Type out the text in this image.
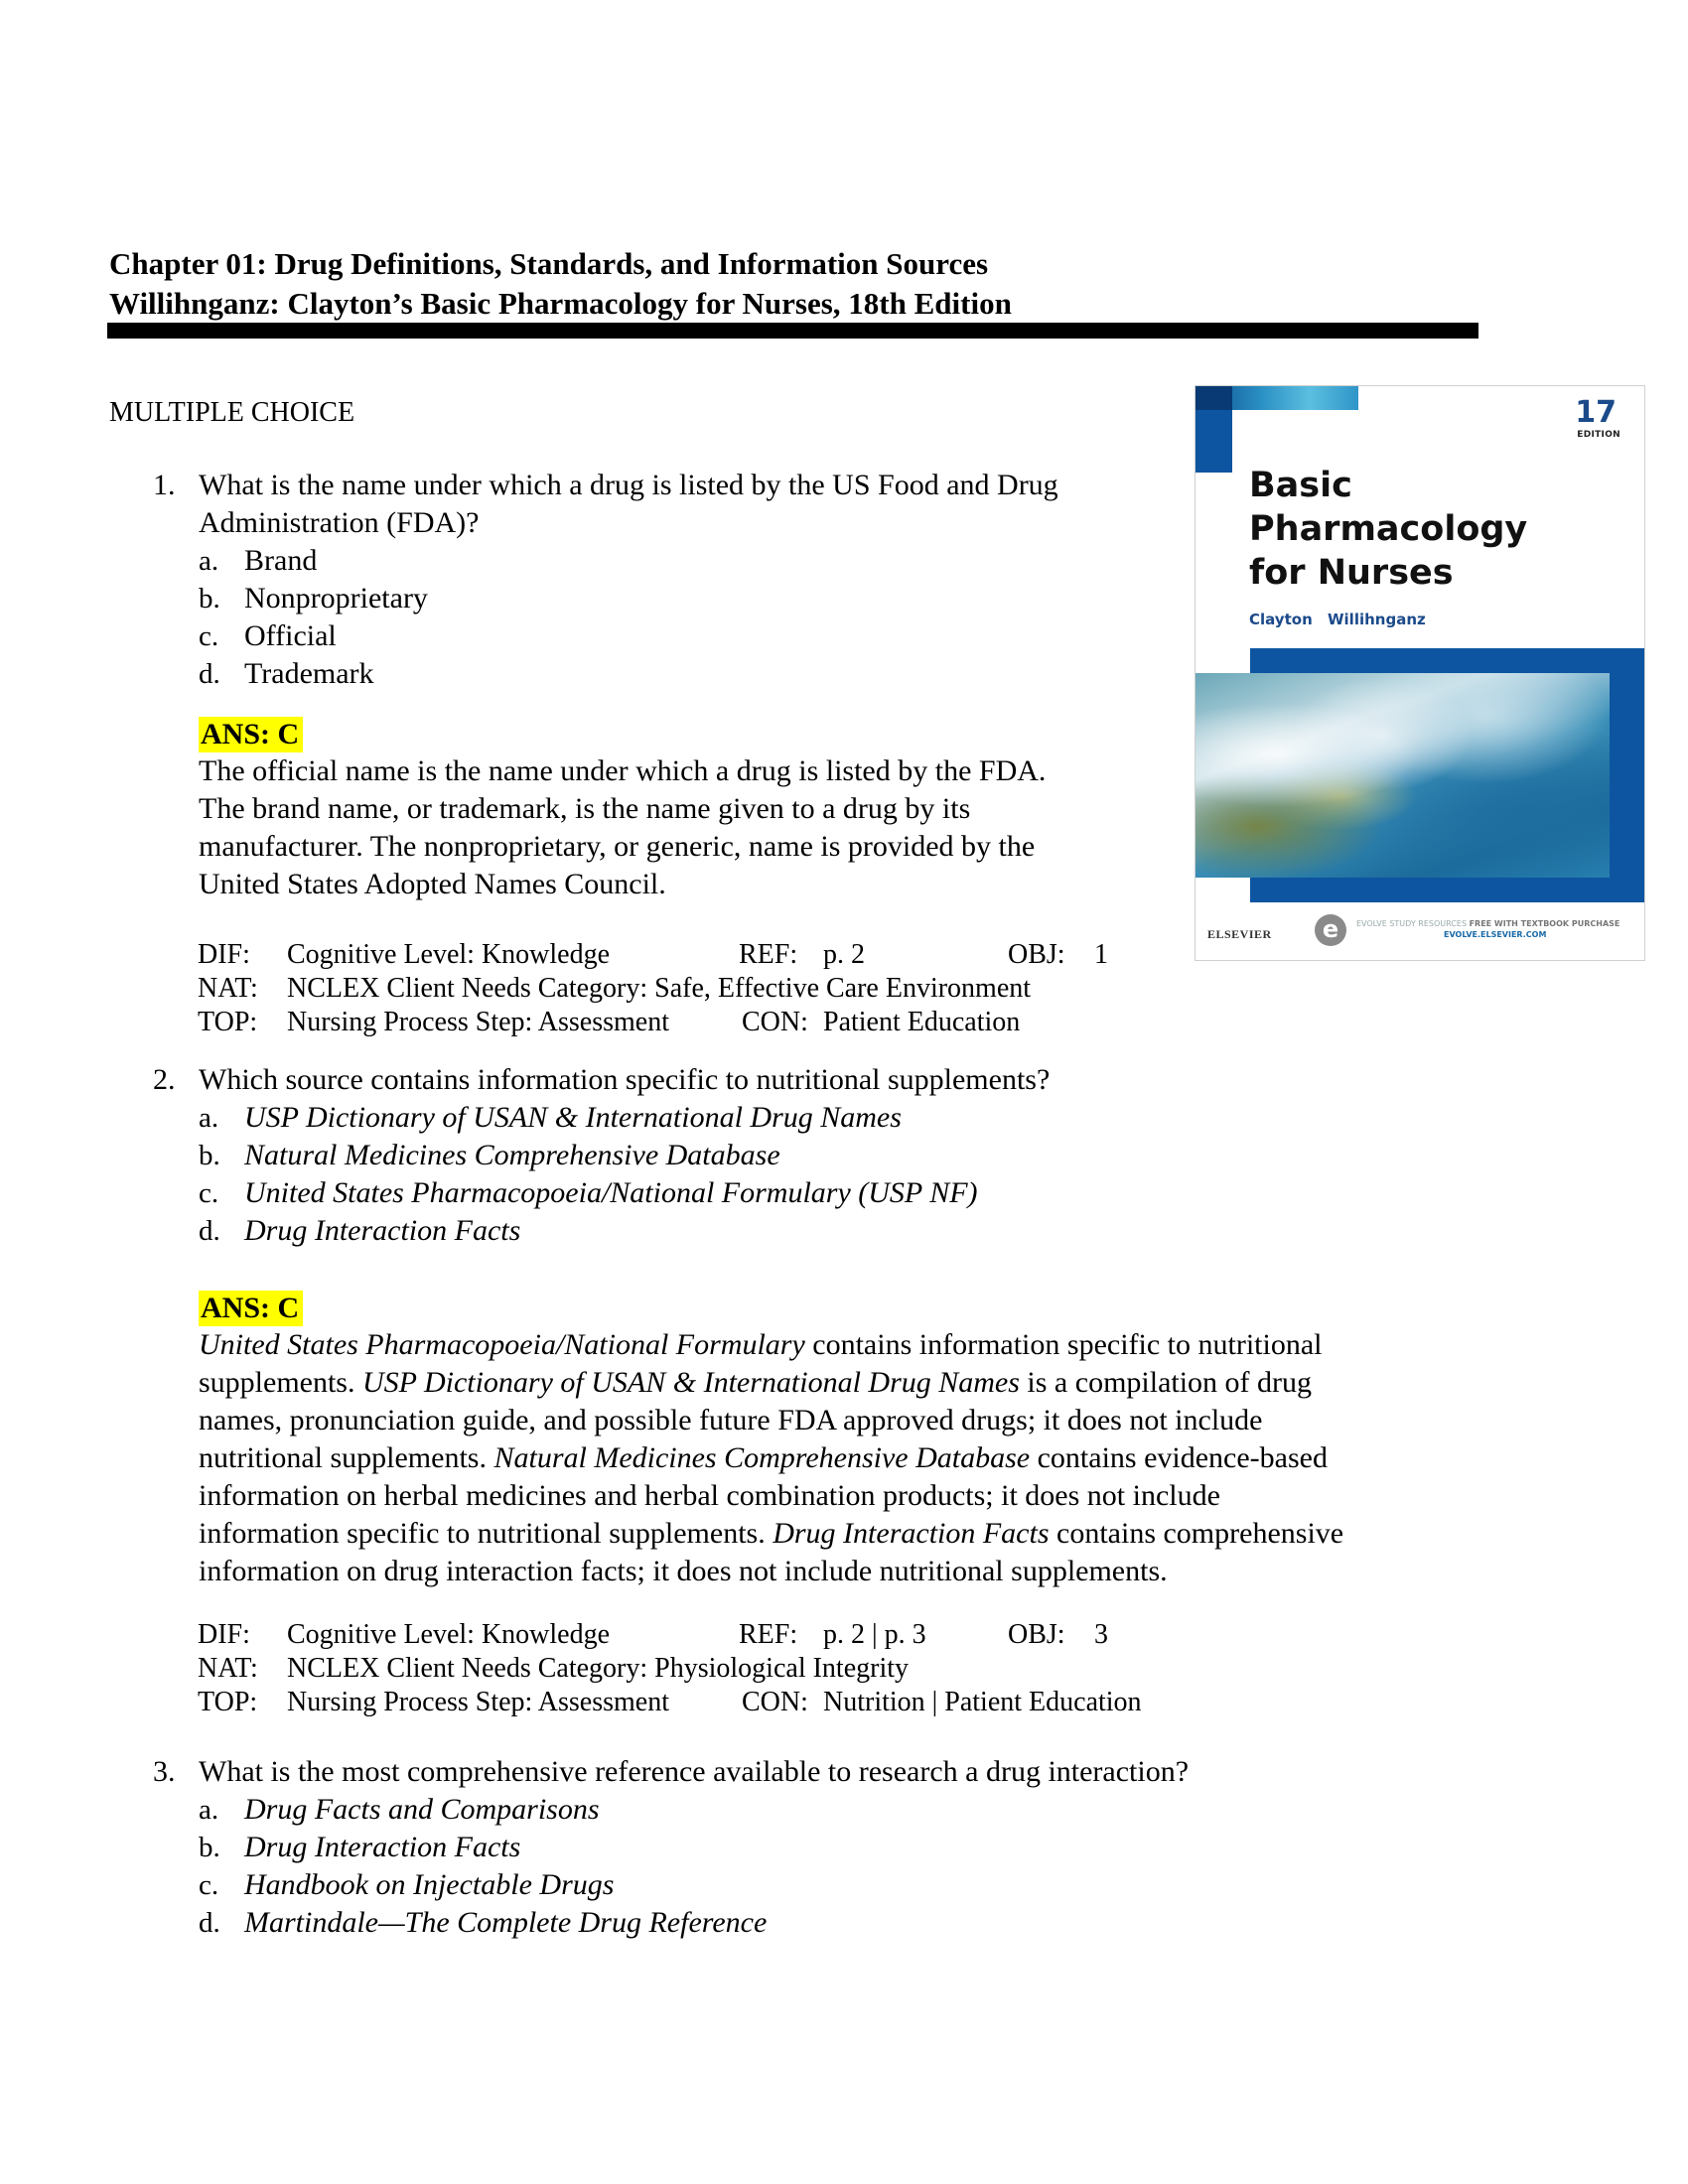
Chapter 01: Drug Definitions, Standards, and Information Sources
Willihnganz: Clayton’s Basic Pharmacology for Nurses, 18th Edition
MULTIPLE CHOICE
1. What is the name under which a drug is listed by the US Food and Drug
Administration (FDA)?
a. Brand
b. Nonproprietary
c. Official
d. Trademark
ANS: C
The official name is the name under which a drug is listed by the FDA.
The brand name, or trademark, is the name given to a drug by its
manufacturer. The nonproprietary, or generic, name is provided by the
United States Adopted Names Council.
DIF: Cognitive Level: Knowledge	REF: p. 2	OBJ: 1
NAT: NCLEX Client Needs Category: Safe, Effective Care Environment
TOP: Nursing Process Step: Assessment	CON: Patient Education
2. Which source contains information specific to nutritional supplements?
a. USP Dictionary of USAN & International Drug Names
b. Natural Medicines Comprehensive Database
c. United States Pharmacopoeia/National Formulary (USP NF)
d. Drug Interaction Facts
ANS: C
United States Pharmacopoeia/National Formulary contains information specific to nutritional
supplements. USP Dictionary of USAN & International Drug Names is a compilation of drug
names, pronunciation guide, and possible future FDA approved drugs; it does not include
nutritional supplements. Natural Medicines Comprehensive Database contains evidence-based
information on herbal medicines and herbal combination products; it does not include
information specific to nutritional supplements. Drug Interaction Facts contains comprehensive
information on drug interaction facts; it does not include nutritional supplements.
DIF: Cognitive Level: Knowledge	REF: p. 2 | p. 3	OBJ: 3
NAT: NCLEX Client Needs Category: Physiological Integrity
TOP: Nursing Process Step: Assessment	CON: Nutrition | Patient Education
3. What is the most comprehensive reference available to research a drug interaction?
a. Drug Facts and Comparisons
b. Drug Interaction Facts
c. Handbook on Injectable Drugs
d. Martindale—The Complete Drug Reference
17
EDITION
Basic
Pharmacology
for Nurses
Clayton Willihnganz
ELSEVIER	e	EVOLVE STUDY RESOURCES FREE WITH TEXTBOOK PURCHASE
EVOLVE.ELSEVIER.COM
